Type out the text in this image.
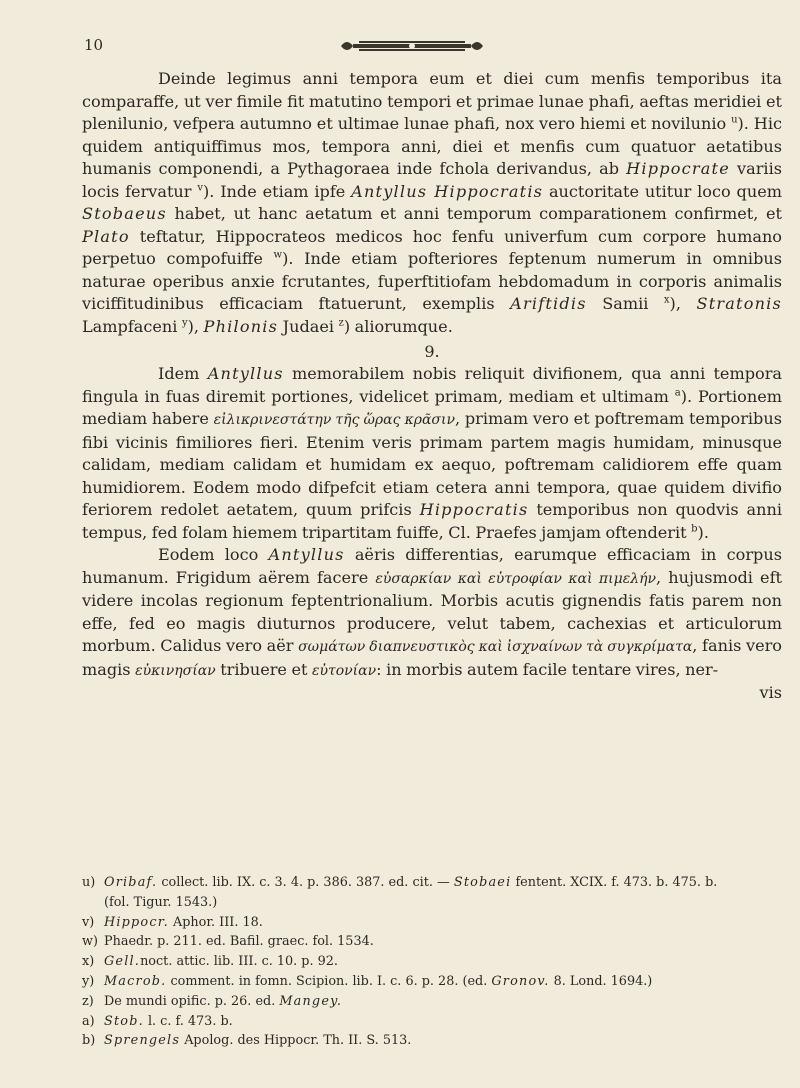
10

Deinde legimus anni tempora eum et diei cum menfis temporibus ita comparaffe, ut ver fimile fit matutino tempori et primae lunae phafi, aeftas meridiei et plenilunio, vefpera autumno et ultimae lunae phafi, nox vero hiemi et novilunio $^u$). Hic quidem antiquiffimus mos, tempora anni, diei et menfis cum quatuor aetatibus humanis componendi, a Pythagoraea inde fchola derivandus, ab Hippocrate variis locis fervatur $^v$). Inde etiam ipfe Antyllus Hippocratis auctoritate utitur loco quem Stobaeus habet, ut hanc aetatum et anni temporum comparationem confirmet, et Plato teftatur, Hippocrateos medicos hoc fenfu univerfum cum corpore humano perpetuo compofuiffe $^w$). Inde etiam pofteriores feptenum numerum in omnibus naturae operibus anxie fcrutantes, fuperftitiofam hebdomadum in corporis animalis viciffitudinibus efficaciam ftatuerunt, exemplis Ariftidis Samii $^x$), Stratonis Lampfaceni $^y$), Philonis Judaei $^z$) aliorumque.

9.

Idem Antyllus memorabilem nobis reliquit divifionem, qua anni tempora fingula in fuas diremit portiones, videlicet primam, mediam et ultimam $^a$). Portionem mediam habere εἰλικρινεστάτην τῆς ὥρας κρᾶσιν, primam vero et poftremam temporibus fibi vicinis fimiliores fieri. Etenim veris primam partem magis humidam, minusque calidam, mediam calidam et humidam ex aequo, poftremam calidiorem effe quam humidiorem. Eodem modo difpefcit etiam cetera anni tempora, quae quidem divifio feriorem redolet aetatem, quum prifcis Hippocratis temporibus non quodvis anni tempus, fed folam hiemem tripartitam fuiffe, Cl. Praefes jamjam oftenderit $^b$).

Eodem loco Antyllus aëris differentias, earumque efficaciam in corpus humanum. Frigidum aërem facere εὐσαρκίαν καὶ εὐτροφίαν καὶ πιμελήν, hujusmodi eft videre incolas regionum feptentrionalium. Morbis acutis gignendis fatis parem non effe, fed eo magis diuturnos producere, velut tabem, cachexias et articulorum morbum. Calidus vero aër σωμάτων διαπνευστικὸς καὶ ἰσχναίνων τὰ συγκρίματα, fanis vero magis εὐκινησίαν tribuere et εὐτονίαν: in morbis autem facile tentare vires, ner-

vis

u) Oribaf. collect. lib. IX. c. 3. 4. p. 386. 387. ed. cit. — Stobaei fentent. XCIX. f. 473. b. 475. b.
(fol. Tigur. 1543.)
v) Hippocr. Aphor. III. 18.
w) Phaedr. p. 211. ed. Bafil. graec. fol. 1534.
x) Gell.noct. attic. lib. III. c. 10. p. 92.
y) Macrob. comment. in fomn. Scipion. lib. I. c. 6. p. 28. (ed. Gronov. 8. Lond. 1694.)
z) De mundi opific. p. 26. ed. Mangey.
a) Stob. l. c. f. 473. b.
b) Sprengels Apolog. des Hippocr. Th. II. S. 513.
